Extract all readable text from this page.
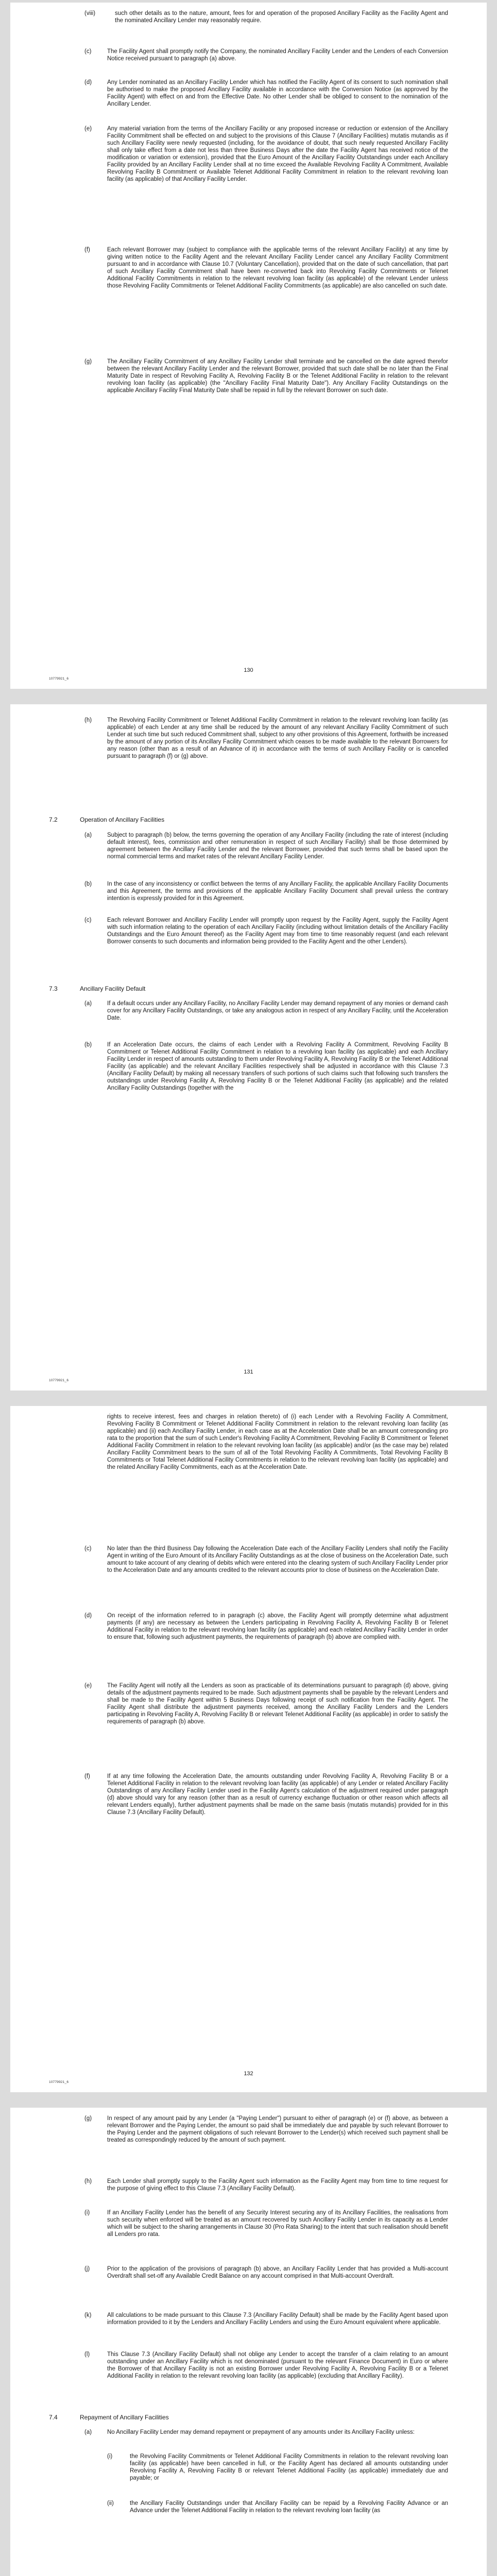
(viii)	such other details as to the nature, amount, fees for and operation of the proposed Ancillary Facility as the Facility Agent and the nominated Ancillary Lender may reasonably require.
(c)	The Facility Agent shall promptly notify the Company, the nominated Ancillary Facility Lender and the Lenders of each Conversion Notice received pursuant to paragraph (a) above.
(d)	Any Lender nominated as an Ancillary Facility Lender which has notified the Facility Agent of its consent to such nomination shall be authorised to make the proposed Ancillary Facility available in accordance with the Conversion Notice (as approved by the Facility Agent) with effect on and from the Effective Date. No other Lender shall be obliged to consent to the nomination of the Ancillary Lender.
(e)	Any material variation from the terms of the Ancillary Facility or any proposed increase or reduction or extension of the Ancillary Facility Commitment shall be effected on and subject to the provisions of this Clause 7 (Ancillary Facilities) mutatis mutandis as if such Ancillary Facility were newly requested (including, for the avoidance of doubt, that such newly requested Ancillary Facility shall only take effect from a date not less than three Business Days after the date the Facility Agent has received notice of the modification or variation or extension), provided that the Euro Amount of the Ancillary Facility Outstandings under each Ancillary Facility provided by an Ancillary Facility Lender shall at no time exceed the Available Revolving Facility A Commitment, Available Revolving Facility B Commitment or Available Telenet Additional Facility Commitment in relation to the relevant revolving loan facility (as applicable) of that Ancillary Facility Lender.
(f)	Each relevant Borrower may (subject to compliance with the applicable terms of the relevant Ancillary Facility) at any time by giving written notice to the Facility Agent and the relevant Ancillary Facility Lender cancel any Ancillary Facility Commitment pursuant to and in accordance with Clause 10.7 (Voluntary Cancellation), provided that on the date of such cancellation, that part of such Ancillary Facility Commitment shall have been re-converted back into Revolving Facility Commitments or Telenet Additional Facility Commitments in relation to the relevant revolving loan facility (as applicable) of the relevant Lender unless those Revolving Facility Commitments or Telenet Additional Facility Commitments (as applicable) are also cancelled on such date.
(g)	The Ancillary Facility Commitment of any Ancillary Facility Lender shall terminate and be cancelled on the date agreed therefor between the relevant Ancillary Facility Lender and the relevant Borrower, provided that such date shall be no later than the Final Maturity Date in respect of Revolving Facility A, Revolving Facility B or the Telenet Additional Facility in relation to the relevant revolving loan facility (as applicable) (the "Ancillary Facility Final Maturity Date"). Any Ancillary Facility Outstandings on the applicable Ancillary Facility Final Maturity Date shall be repaid in full by the relevant Borrower on such date.
130
10779921_6
(h)	The Revolving Facility Commitment or Telenet Additional Facility Commitment in relation to the relevant revolving loan facility (as applicable) of each Lender at any time shall be reduced by the amount of any relevant Ancillary Facility Commitment of such Lender at such time but such reduced Commitment shall, subject to any other provisions of this Agreement, forthwith be increased by the amount of any portion of its Ancillary Facility Commitment which ceases to be made available to the relevant Borrowers for any reason (other than as a result of an Advance of it) in accordance with the terms of such Ancillary Facility or is cancelled pursuant to paragraph (f) or (g) above.
7.2	Operation of Ancillary Facilities
(a)	Subject to paragraph (b) below, the terms governing the operation of any Ancillary Facility (including the rate of interest (including default interest), fees, commission and other remuneration in respect of such Ancillary Facility) shall be those determined by agreement between the Ancillary Facility Lender and the relevant Borrower, provided that such terms shall be based upon the normal commercial terms and market rates of the relevant Ancillary Facility Lender.
(b)	In the case of any inconsistency or conflict between the terms of any Ancillary Facility, the applicable Ancillary Facility Documents and this Agreement, the terms and provisions of the applicable Ancillary Facility Document shall prevail unless the contrary intention is expressly provided for in this Agreement.
(c)	Each relevant Borrower and Ancillary Facility Lender will promptly upon request by the Facility Agent, supply the Facility Agent with such information relating to the operation of each Ancillary Facility (including without limitation details of the Ancillary Facility Outstandings and the Euro Amount thereof) as the Facility Agent may from time to time reasonably request (and each relevant Borrower consents to such documents and information being provided to the Facility Agent and the other Lenders).
7.3	Ancillary Facility Default
(a)	If a default occurs under any Ancillary Facility, no Ancillary Facility Lender may demand repayment of any monies or demand cash cover for any Ancillary Facility Outstandings, or take any analogous action in respect of any Ancillary Facility, until the Acceleration Date.
(b)	If an Acceleration Date occurs, the claims of each Lender with a Revolving Facility A Commitment, Revolving Facility B Commitment or Telenet Additional Facility Commitment in relation to a revolving loan facility (as applicable) and each Ancillary Facility Lender in respect of amounts outstanding to them under Revolving Facility A, Revolving Facility B or the Telenet Additional Facility (as applicable) and the relevant Ancillary Facilities respectively shall be adjusted in accordance with this Clause 7.3 (Ancillary Facility Default) by making all necessary transfers of such portions of such claims such that following such transfers the outstandings under Revolving Facility A, Revolving Facility B or the Telenet Additional Facility (as applicable) and the related Ancillary Facility Outstandings (together with the
131
10779921_6
rights to receive interest, fees and charges in relation thereto) of (i) each Lender with a Revolving Facility A Commitment, Revolving Facility B Commitment or Telenet Additional Facility Commitment in relation to the relevant revolving loan facility (as applicable) and (ii) each Ancillary Facility Lender, in each case as at the Acceleration Date shall be an amount corresponding pro rata to the proportion that the sum of such Lender's Revolving Facility A Commitment, Revolving Facility B Commitment or Telenet Additional Facility Commitment in relation to the relevant revolving loan facility (as applicable) and/or (as the case may be) related Ancillary Facility Commitment bears to the sum of all of the Total Revolving Facility A Commitments, Total Revolving Facility B Commitments or Total Telenet Additional Facility Commitments in relation to the relevant revolving loan facility (as applicable) and the related Ancillary Facility Commitments, each as at the Acceleration Date.
(c)	No later than the third Business Day following the Acceleration Date each of the Ancillary Facility Lenders shall notify the Facility Agent in writing of the Euro Amount of its Ancillary Facility Outstandings as at the close of business on the Acceleration Date, such amount to take account of any clearing of debits which were entered into the clearing system of such Ancillary Facility Lender prior to the Acceleration Date and any amounts credited to the relevant accounts prior to close of business on the Acceleration Date.
(d)	On receipt of the information referred to in paragraph (c) above, the Facility Agent will promptly determine what adjustment payments (if any) are necessary as between the Lenders participating in Revolving Facility A, Revolving Facility B or Telenet Additional Facility in relation to the relevant revolving loan facility (as applicable) and each related Ancillary Facility Lender in order to ensure that, following such adjustment payments, the requirements of paragraph (b) above are complied with.
(e)	The Facility Agent will notify all the Lenders as soon as practicable of its determinations pursuant to paragraph (d) above, giving details of the adjustment payments required to be made. Such adjustment payments shall be payable by the relevant Lenders and shall be made to the Facility Agent within 5 Business Days following receipt of such notification from the Facility Agent. The Facility Agent shall distribute the adjustment payments received, among the Ancillary Facility Lenders and the Lenders participating in Revolving Facility A, Revolving Facility B or relevant Telenet Additional Facility (as applicable) in order to satisfy the requirements of paragraph (b) above.
(f)	If at any time following the Acceleration Date, the amounts outstanding under Revolving Facility A, Revolving Facility B or a Telenet Additional Facility in relation to the relevant revolving loan facility (as applicable) of any Lender or related Ancillary Facility Outstandings of any Ancillary Facility Lender used in the Facility Agent's calculation of the adjustment required under paragraph (d) above should vary for any reason (other than as a result of currency exchange fluctuation or other reason which affects all relevant Lenders equally), further adjustment payments shall be made on the same basis (mutatis mutandis) provided for in this Clause 7.3 (Ancillary Facility Default).
132
10779921_6
(g)	In respect of any amount paid by any Lender (a "Paying Lender") pursuant to either of paragraph (e) or (f) above, as between a relevant Borrower and the Paying Lender, the amount so paid shall be immediately due and payable by such relevant Borrower to the Paying Lender and the payment obligations of such relevant Borrower to the Lender(s) which received such payment shall be treated as correspondingly reduced by the amount of such payment.
(h)	Each Lender shall promptly supply to the Facility Agent such information as the Facility Agent may from time to time request for the purpose of giving effect to this Clause 7.3 (Ancillary Facility Default).
(i)	If an Ancillary Facility Lender has the benefit of any Security Interest securing any of its Ancillary Facilities, the realisations from such security when enforced will be treated as an amount recovered by such Ancillary Facility Lender in its capacity as a Lender which will be subject to the sharing arrangements in Clause 30 (Pro Rata Sharing) to the intent that such realisation should benefit all Lenders pro rata.
(j)	Prior to the application of the provisions of paragraph (b) above, an Ancillary Facility Lender that has provided a Multi-account Overdraft shall set-off any Available Credit Balance on any account comprised in that Multi-account Overdraft.
(k)	All calculations to be made pursuant to this Clause 7.3 (Ancillary Facility Default) shall be made by the Facility Agent based upon information provided to it by the Lenders and Ancillary Facility Lenders and using the Euro Amount equivalent where applicable.
(l)	This Clause 7.3 (Ancillary Facility Default) shall not oblige any Lender to accept the transfer of a claim relating to an amount outstanding under an Ancillary Facility which is not denominated (pursuant to the relevant Finance Document) in Euro or where the Borrower of that Ancillary Facility is not an existing Borrower under Revolving Facility A, Revolving Facility B or a Telenet Additional Facility in relation to the relevant revolving loan facility (as applicable) (excluding that Ancillary Facility).
7.4	Repayment of Ancillary Facilities
(a)	No Ancillary Facility Lender may demand repayment or prepayment of any amounts under its Ancillary Facility unless:
(i)	the Revolving Facility Commitments or Telenet Additional Facility Commitments in relation to the relevant revolving loan facility (as applicable) have been cancelled in full, or the Facility Agent has declared all amounts outstanding under Revolving Facility A, Revolving Facility B or relevant Telenet Additional Facility (as applicable) immediately due and payable; or
(ii)	the Ancillary Facility Outstandings under that Ancillary Facility can be repaid by a Revolving Facility Advance or an Advance under the Telenet Additional Facility in relation to the relevant revolving loan facility (as
